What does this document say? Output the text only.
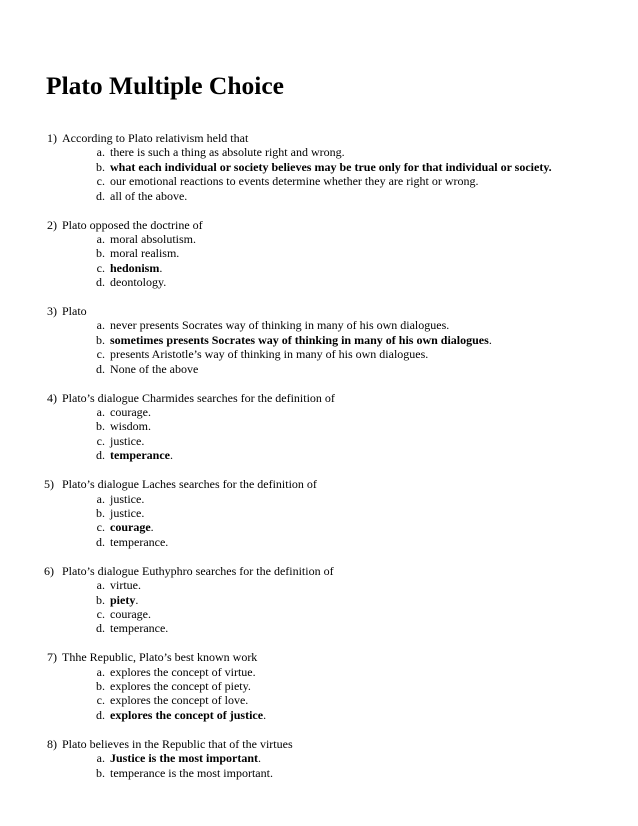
Plato Multiple Choice
1) According to Plato relativism held that
a. there is such a thing as absolute right and wrong.
b. what each individual or society believes may be true only for that individual or society.
c. our emotional reactions to events determine whether they are right or wrong.
d. all of the above.
2) Plato opposed the doctrine of
a. moral absolutism.
b. moral realism.
c. hedonism.
d. deontology.
3) Plato
a. never presents Socrates way of thinking in many of his own dialogues.
b. sometimes presents Socrates way of thinking in many of his own dialogues.
c. presents Aristotle’s way of thinking in many of his own dialogues.
d. None of the above
4) Plato’s dialogue Charmides searches for the definition of
a. courage.
b. wisdom.
c. justice.
d. temperance.
5) Plato’s dialogue Laches searches for the definition of
a. justice.
b. justice.
c. courage.
d. temperance.
6) Plato’s dialogue Euthyphro searches for the definition of
a. virtue.
b. piety.
c. courage.
d. temperance.
7) Thhe Republic, Plato’s best known work
a. explores the concept of virtue.
b. explores the concept of piety.
c. explores the concept of love.
d. explores the concept of justice.
8) Plato believes in the Republic that of the virtues
a. Justice is the most important.
b. temperance is the most important.
